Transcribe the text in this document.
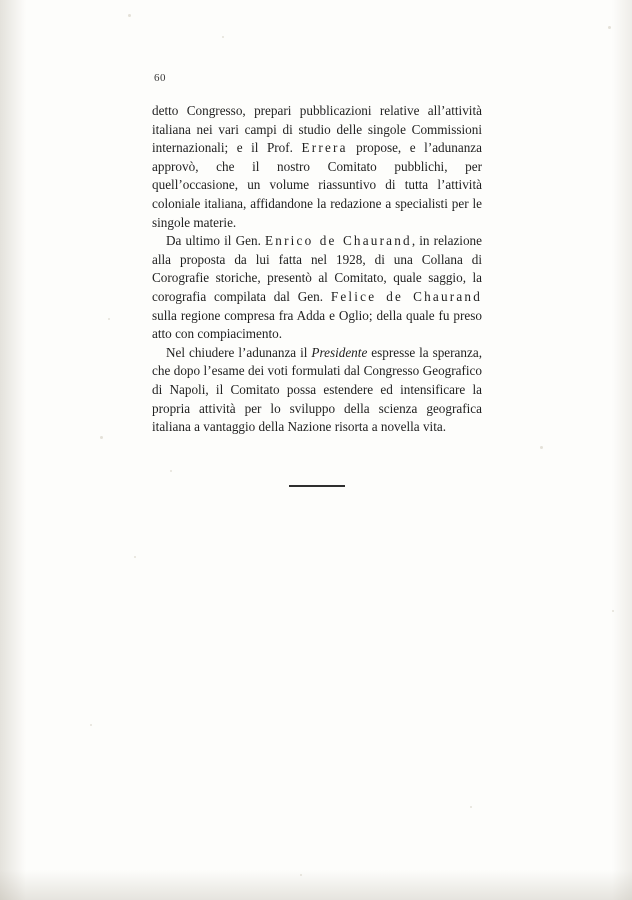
60

detto Congresso, prepari pubblicazioni relative all’attività italiana nei vari campi di studio delle singole Commissioni internazionali; e il Prof. Errera propose, e l’adunanza approvò, che il nostro Comitato pubblichi, per quell’occasione, un volume riassuntivo di tutta l’attività coloniale italiana, affidandone la redazione a specialisti per le singole materie.

Da ultimo il Gen. Enrico de Chaurand, in relazione alla proposta da lui fatta nel 1928, di una Collana di Corografie storiche, presentò al Comitato, quale saggio, la corografia compilata dal Gen. Felice de Chaurand sulla regione compresa fra Adda e Oglio; della quale fu preso atto con compiacimento.

Nel chiudere l’adunanza il Presidente espresse la speranza, che dopo l’esame dei voti formulati dal Congresso Geografico di Napoli, il Comitato possa estendere ed intensificare la propria attività per lo sviluppo della scienza geografica italiana a vantaggio della Nazione risorta a novella vita.
